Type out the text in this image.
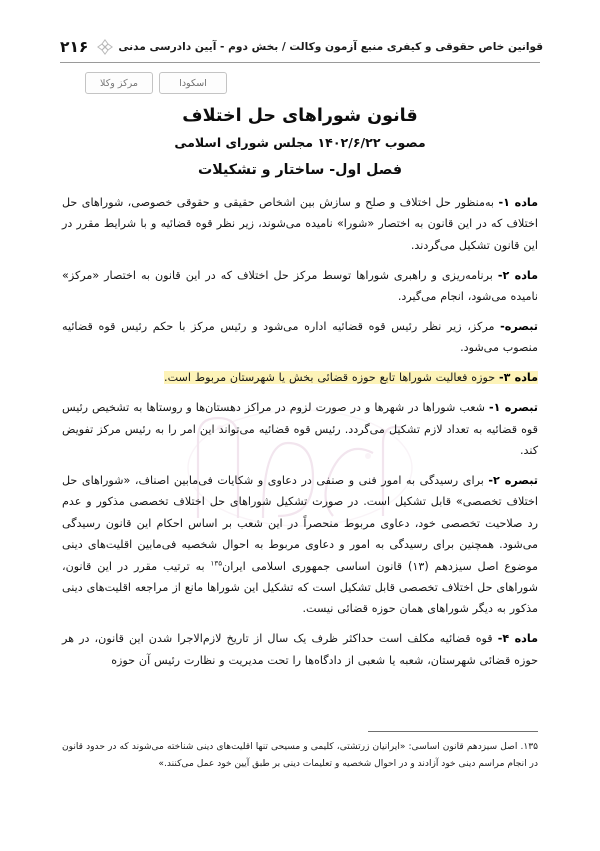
۲۱۶	قوانین خاص حقوقی و کیفری منبع آزمون وکالت / بخش دوم - آیین دادرسی مدنی
اسکودا
مرکز وکلا
قانون شوراهای حل اختلاف
مصوب ۱۴۰۲/۶/۲۲ مجلس شورای اسلامی
فصل اول- ساختار و تشکیلات

ماده ۱- به‌منظور حل اختلاف و صلح و سازش بین اشخاص حقیقی و حقوقی خصوصی، شوراهای حل اختلاف که در این قانون به اختصار «شورا» نامیده می‌شوند، زیر نظر قوه قضائیه و با شرایط مقرر در این قانون تشکیل می‌گردند.

ماده ۲- برنامه‌ریزی و راهبری شوراها توسط مرکز حل اختلاف که در این قانون به اختصار «مرکز» نامیده می‌شود، انجام می‌گیرد.

تبصره- مرکز، زیر نظر رئیس قوه قضائیه اداره می‌شود و رئیس مرکز با حکم رئیس قوه قضائیه منصوب می‌شود.

ماده ۳- حوزه فعالیت شوراها تابع حوزه قضائی بخش یا شهرستان مربوط است.

تبصره ۱- شعب شوراها در شهرها و در صورت لزوم در مراکز دهستان‌ها و روستاها به تشخیص رئیس قوه قضائیه به تعداد لازم تشکیل می‌گردد. رئیس قوه قضائیه می‌تواند این امر را به رئیس مرکز تفویض کند.

تبصره ۲- برای رسیدگی به امور فنی و صنفی در دعاوی و شکایات فی‌مابین اصناف، «شوراهای حل اختلاف تخصصی» قابل تشکیل است. در صورت تشکیل شوراهای حل اختلاف تخصصی مذکور و عدم رد صلاحیت تخصصی خود، دعاوی مربوط منحصراً در این شعب بر اساس احکام این قانون رسیدگی می‌شود. همچنین برای رسیدگی به امور و دعاوی مربوط به احوال شخصیه فی‌مابین اقلیت‌های دینی موضوع اصل سیزدهم (۱۳) قانون اساسی جمهوری اسلامی ایران$^{۱۳۵}$ به ترتیب مقرر در این قانون، شوراهای حل اختلاف تخصصی قابل تشکیل است که تشکیل این شوراها مانع از مراجعه اقلیت‌های دینی مذکور به دیگر شوراهای همان حوزه قضائی نیست.

ماده ۴- قوه قضائیه مکلف است حداکثر ظرف یک سال از تاریخ لازم‌الاجرا شدن این قانون، در هر حوزه قضائی شهرستان، شعبه یا شعبی از دادگاه‌ها را تحت مدیریت و نظارت رئیس آن حوزه

۱۳۵. اصل سیزدهم قانون اساسی: «ایرانیان زرتشتی، کلیمی و مسیحی تنها اقلیت‌های دینی شناخته می‌شوند که در حدود قانون در انجام مراسم دینی خود آزادند و در احوال شخصیه و تعلیمات دینی بر طبق آیین خود عمل می‌کنند.»
